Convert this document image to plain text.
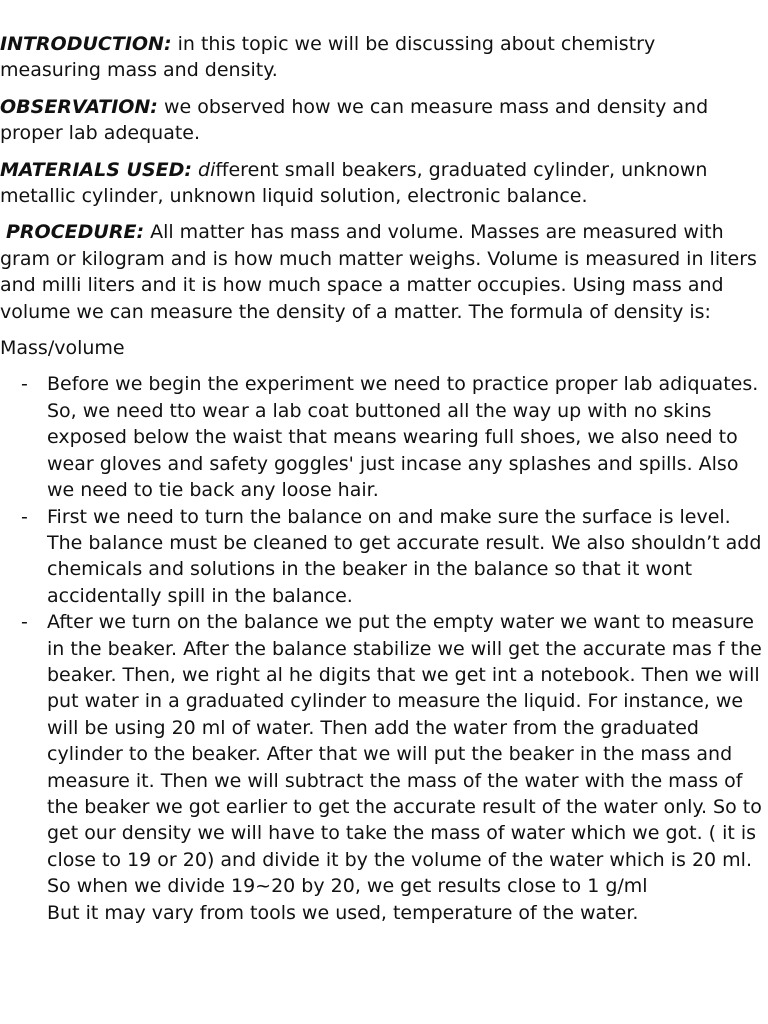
INTRODUCTION: in this topic we will be discussing about chemistry measuring mass and density.

OBSERVATION: we observed how we can measure mass and density and proper lab adequate.

MATERIALS USED: different small beakers, graduated cylinder, unknown metallic cylinder, unknown liquid solution, electronic balance.

PROCEDURE: All matter has mass and volume. Masses are measured with gram or kilogram and is how much matter weighs. Volume is measured in liters and milli liters and it is how much space a matter occupies. Using mass and volume we can measure the density of a matter. The formula of density is:

Mass/volume

- Before we begin the experiment we need to practice proper lab adiquates. So, we need tto wear a lab coat buttoned all the way up with no skins exposed below the waist that means wearing full shoes, we also need to wear gloves and safety goggles' just incase any splashes and spills. Also we need to tie back any loose hair.
- First we need to turn the balance on and make sure the surface is level. The balance must be cleaned to get accurate result. We also shouldn’t add chemicals and solutions in the beaker in the balance so that it wont accidentally spill in the balance.
- After we turn on the balance we put the empty water we want to measure in the beaker. After the balance stabilize we will get the accurate mas f the beaker. Then, we right al he digits that we get int a notebook. Then we will put water in a graduated cylinder to measure the liquid. For instance, we will be using 20 ml of water. Then add the water from the graduated cylinder to the beaker. After that we will put the beaker in the mass and measure it. Then we will subtract the mass of the water with the mass of the beaker we got earlier to get the accurate result of the water only. So to get our density we will have to take the mass of water which we got. ( it is close to 19 or 20) and divide it by the volume of the water which is 20 ml. So when we divide 19~20 by 20, we get results close to 1 g/ml
But it may vary from tools we used, temperature of the water.
